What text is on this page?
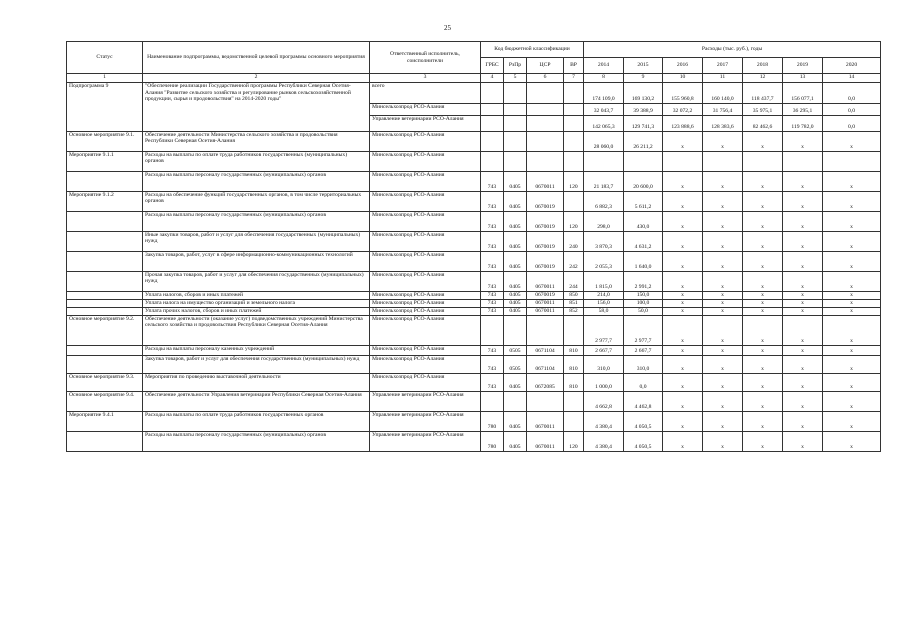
25
Статус	Наименование подпрограммы, ведомственной целевой программы основного мероприятия	Ответственный исполнитель, соисполнители	Код бюджетной классификации				Расходы (тыс. руб.), годы						
			ГРБС	РзПр	ЦСР	ВР	2014	2015	2016	2017	2018	2019	2020
1	2	3	4	5	6	7	8	9	10	11	12	13	14
Подпрограмма 9	"Обеспечение реализации Государственной программы Республики Северная Осетия-Алания "Развитие сельского хозяйства и регулирование рынков сельскохозяйственной продукции, сырья и продовольствия" на 2014-2020 годы"	всего					174 109,0	169 130,2	155 960,8	160 140,0	118 437,7	156 077,1	0,0
		Минсельхозпрод РСО-Алания					32 043,7	39 388,9	32 072,2	31 756,4	35 975,1	36 295,1	0,0
		Управление ветеринарии РСО-Алания					142 065,3	129 741,3	123 888,6	128 383,6	82 462,6	119 782,0	0,0
Основное мероприятие 9.1.	Обеспечение деятельности Министерства сельского хозяйства и продовольствия Республики Северная Осетия-Алания	Минсельхозпрод РСО-Алания					28 060,0	26 211,2	x	x	x	x	x
Мероприятие 9.1.1	Расходы на выплаты по оплате труда работников государственных (муниципальных) органов	Минсельхозпрод РСО-Алания											
	Расходы на выплаты персоналу государственных (муниципальных) органов	Минсельхозпрод РСО-Алания	743	0405	0670011	120	21 183,7	20 600,0	x	x	x	x	x
Мероприятие 9.1.2	Расходы на обеспечение функций государственных органов, в том числе территориальных органов	Минсельхозпрод РСО-Алания	743	0405	0670019		6 882,3	5 611,2	x	x	x	x	x
	Расходы на выплаты персоналу государственных (муниципальных) органов	Минсельхозпрод РСО-Алания	743	0405	0670019	120	298,0	430,0	x	x	x	x	x
	Иные закупки товаров, работ и услуг для обеспечения государственных (муниципальных) нужд	Минсельхозпрод РСО-Алания	743	0405	0670019	240	3 870,3	4 631,2	x	x	x	x	x
	Закупка товаров, работ, услуг в сфере информационно-коммуникационных технологий	Минсельхозпрод РСО-Алания	743	0405	0670019	242	2 055,3	1 640,0	x	x	x	x	x
	Прочая закупка товаров, работ и услуг для обеспечения государственных (муниципальных) нужд	Минсельхозпрод РСО-Алания	743	0405	0670011	244	1 815,0	2 991,2	x	x	x	x	x
	Уплата налогов, сборов и иных платежей	Минсельхозпрод РСО-Алания	743	0405	0670019	850	214,0	150,0	x	x	x	x	x
	Уплата налога на имущество организаций и земельного налога	Минсельхозпрод РСО-Алания	743	0405	0670011	851	156,0	100,0	x	x	x	x	x
	Уплата прочих налогов, сборов и иных платежей	Минсельхозпрод РСО-Алания	743	0405	0670011	852	58,0	50,0	x	x	x	x	x
Основное мероприятие 9.2.	Обеспечение деятельности (оказание услуг) подведомственных учреждений Министерства сельского хозяйства и продовольствия Республики Северная Осетия-Алания	Минсельхозпрод РСО-Алания					2 977,7	2 977,7	x	x	x	x	x
	Расходы на выплаты персоналу казенных учреждений	Минсельхозпрод РСО-Алания	743	0505	0671104	810	2 667,7	2 667,7	x	x	x	x	x
	Закупка товаров, работ и услуг для обеспечения государственных (муниципальных) нужд	Минсельхозпрод РСО-Алания	743	0505	0671104	810	310,0	310,0	x	x	x	x	x
Основное мероприятие 9.3.	Мероприятия по проведению выставочной деятельности	Минсельхозпрод РСО-Алания	743	0405	0672085	810	1 000,0	0,0	x	x	x	x	x
Основное мероприятие 9.4.	Обеспечение деятельности Управления ветеринарии Республики Северная Осетия-Алания	Управление ветеринарии РСО-Алания					4 662,8	4 462,8	x	x	x	x	x
Мероприятие 9.4.1	Расходы на выплаты по оплате труда работников государственных органов	Управление ветеринарии РСО-Алания	780	0405	0670011		4 380,4	4 050,5	x	x	x	x	x
	Расходы на выплаты персоналу государственных (муниципальных) органов	Управление ветеринарии РСО-Алания	780	0405	0670011	120	4 380,4	4 050,5	x	x	x	x	x
